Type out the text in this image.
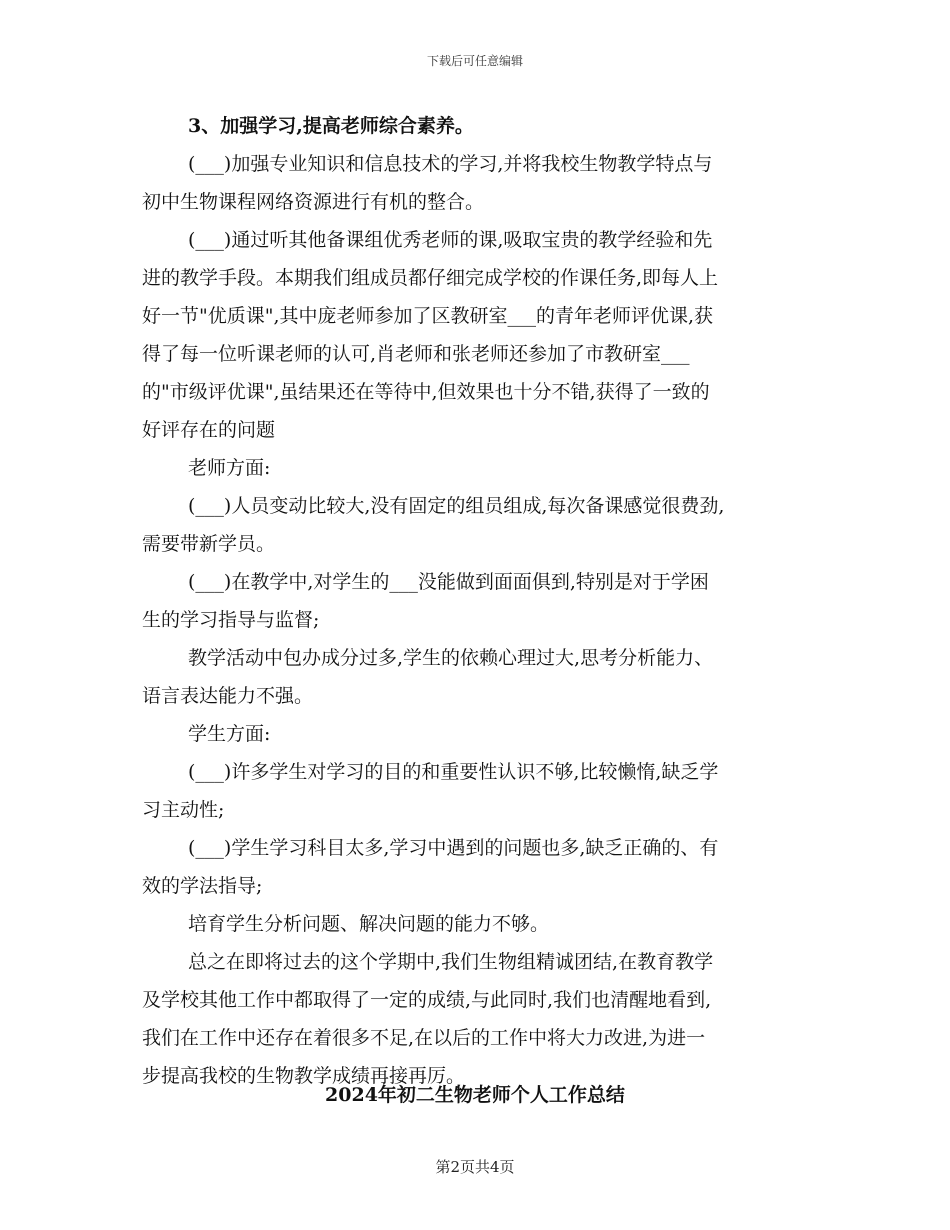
下载后可任意编辑
3、加强学习,提高老师综合素养。
(___)加强专业知识和信息技术的学习,并将我校生物教学特点与
初中生物课程网络资源进行有机的整合。
(___)通过听其他备课组优秀老师的课,吸取宝贵的教学经验和先
进的教学手段。本期我们组成员都仔细完成学校的作课任务,即每人上
好一节"优质课",其中庞老师参加了区教研室___的青年老师评优课,获
得了每一位听课老师的认可,肖老师和张老师还参加了市教研室___
的"市级评优课",虽结果还在等待中,但效果也十分不错,获得了一致的
好评存在的问题
老师方面:
(___)人员变动比较大,没有固定的组员组成,每次备课感觉很费劲,
需要带新学员。
(___)在教学中,对学生的___没能做到面面俱到,特别是对于学困
生的学习指导与监督;
教学活动中包办成分过多,学生的依赖心理过大,思考分析能力、
语言表达能力不强。
学生方面:
(___)许多学生对学习的目的和重要性认识不够,比较懒惰,缺乏学
习主动性;
(___)学生学习科目太多,学习中遇到的问题也多,缺乏正确的、有
效的学法指导;
培育学生分析问题、解决问题的能力不够。
总之在即将过去的这个学期中,我们生物组精诚团结,在教育教学
及学校其他工作中都取得了一定的成绩,与此同时,我们也清醒地看到,
我们在工作中还存在着很多不足,在以后的工作中将大力改进,为进一
步提高我校的生物教学成绩再接再厉。
2024年初二生物老师个人工作总结
第2页共4页
